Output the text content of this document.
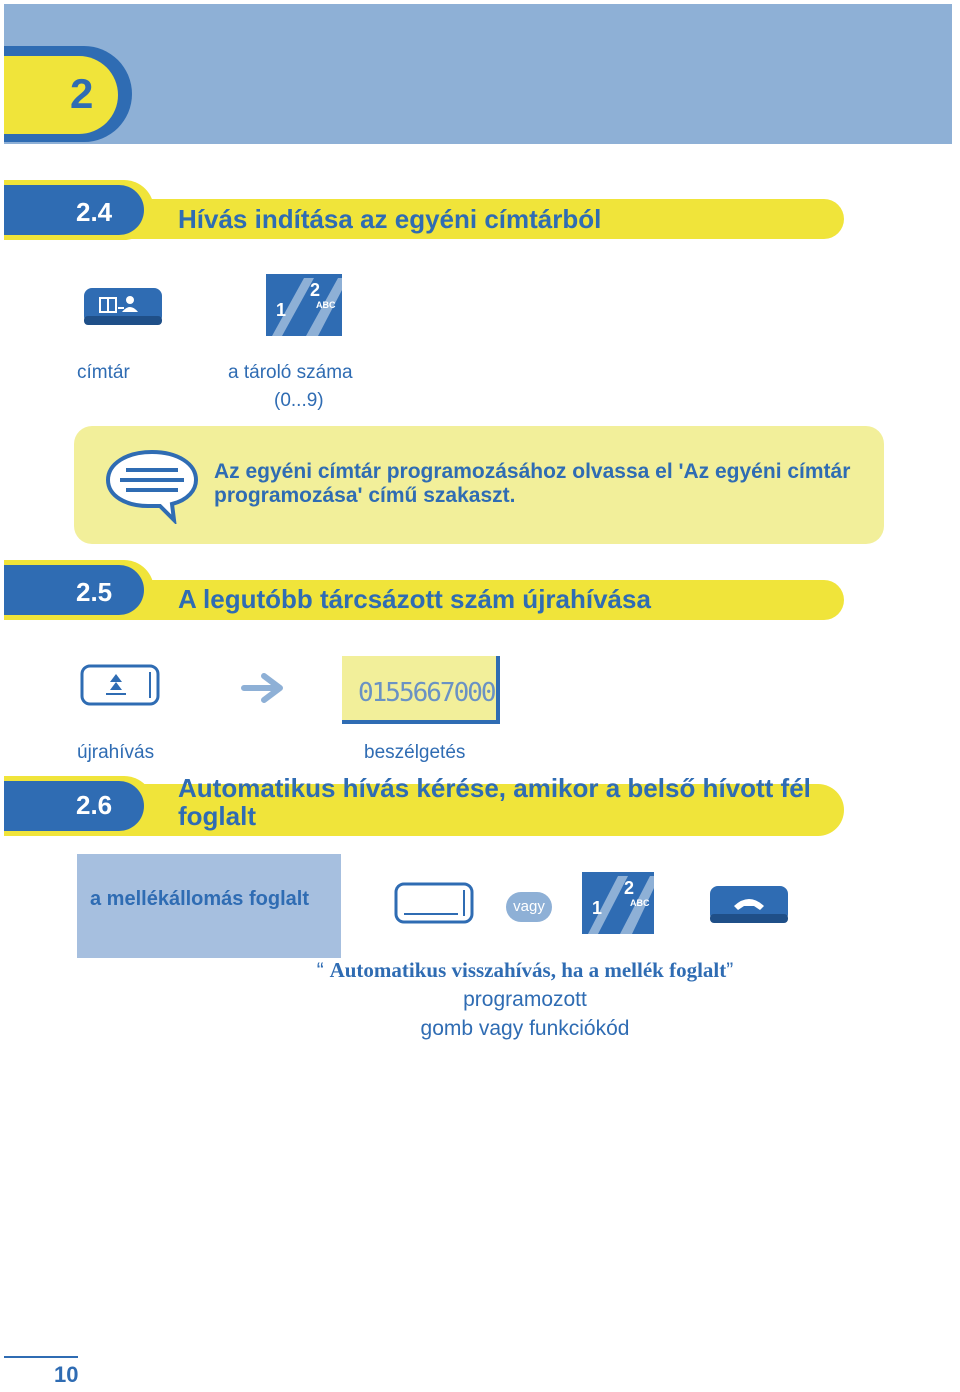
2
2.4	Hívás indítása az egyéni címtárból
1
2
ABC
címtár	a tároló száma
(0...9)
Az egyéni címtár programozásához olvassa el 'Az egyéni címtár programozása' című szakaszt.
2.5	A legutóbb tárcsázott szám újrahívása
0155667000
újrahívás	beszélgetés
2.6
Automatikus hívás kérése, amikor a belső hívott fél
foglalt
a mellékállomás foglalt	vagy	1
2
ABC
“ Automatikus visszahívás, ha a mellék foglalt” programozott
gomb vagy funkciókód
10
